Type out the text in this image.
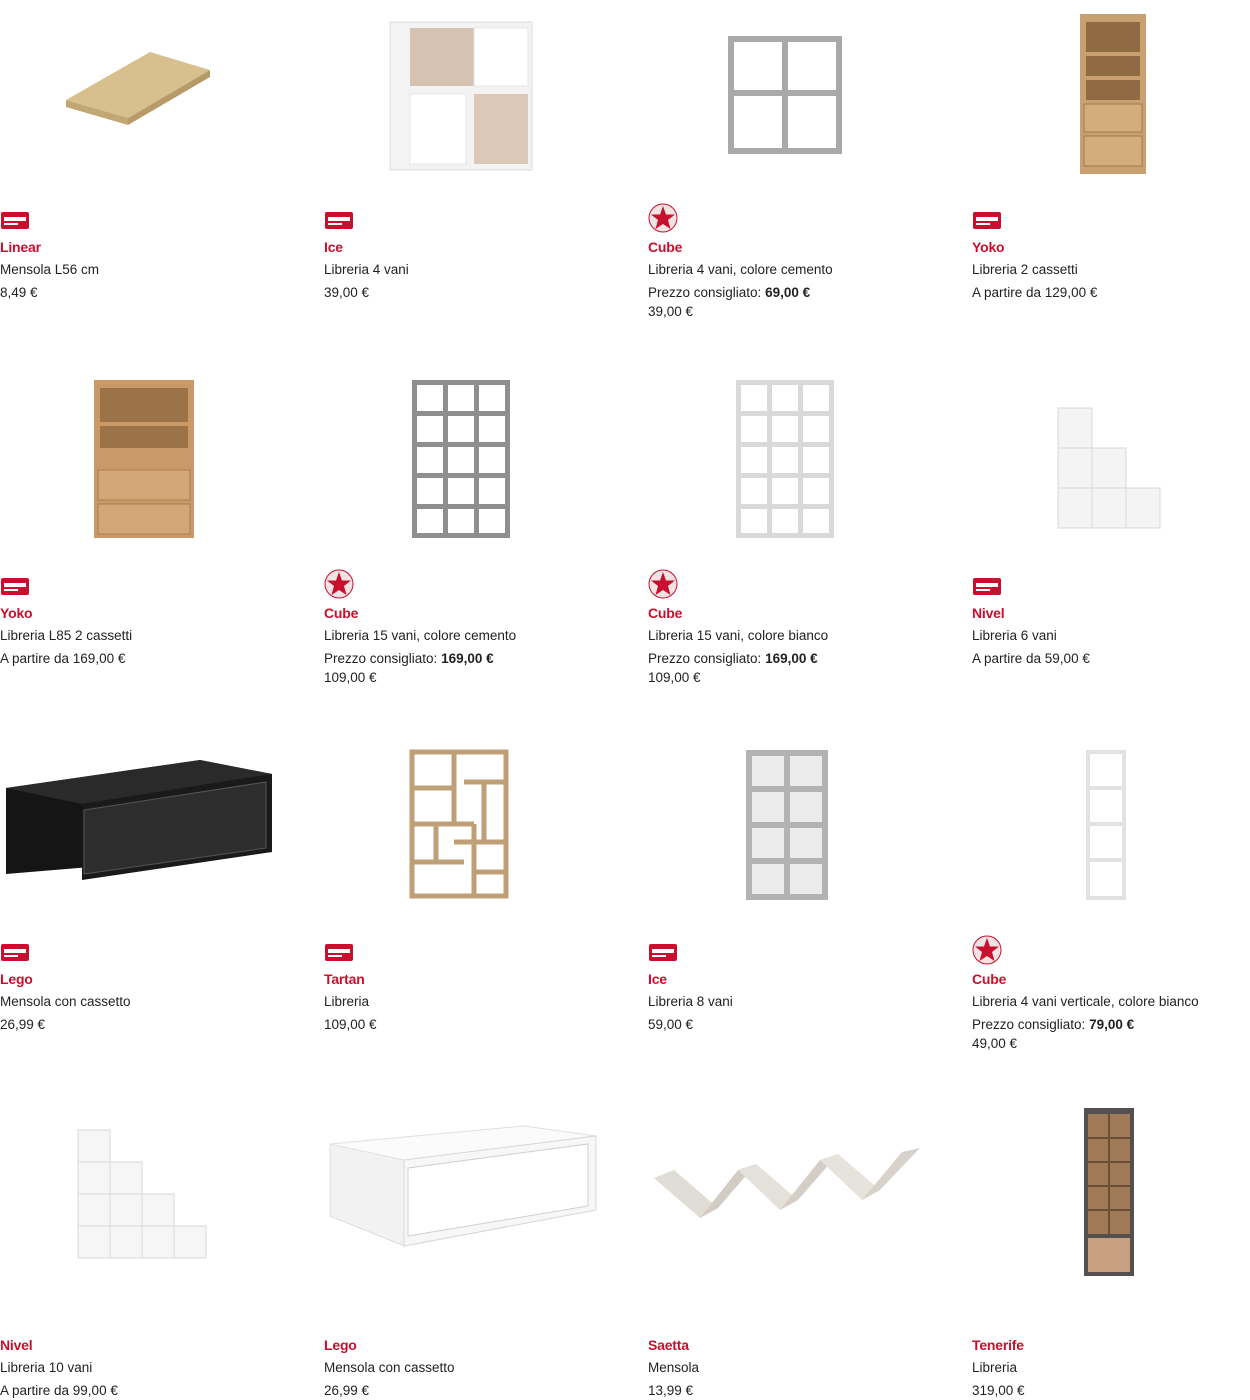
Linear
Mensola L56 cm
8,49 €
Ice
Libreria 4 vani
39,00 €
Cube
Libreria 4 vani, colore cemento
Prezzo consigliato: 69,00 €
39,00 €
Yoko
Libreria 2 cassetti
A partire da 129,00 €
Yoko
Libreria L85 2 cassetti
A partire da 169,00 €
Cube
Libreria 15 vani, colore cemento
Prezzo consigliato: 169,00 €
109,00 €
Cube
Libreria 15 vani, colore bianco
Prezzo consigliato: 169,00 €
109,00 €
Nivel
Libreria 6 vani
A partire da 59,00 €
Lego
Mensola con cassetto
26,99 €
Tartan
Libreria
109,00 €
Ice
Libreria 8 vani
59,00 €
Cube
Libreria 4 vani verticale, colore bianco
Prezzo consigliato: 79,00 €
49,00 €
Nivel
Libreria 10 vani
A partire da 99,00 €
Lego
Mensola con cassetto
26,99 €
Saetta
Mensola
13,99 €
Tenerife
Libreria
319,00 €
